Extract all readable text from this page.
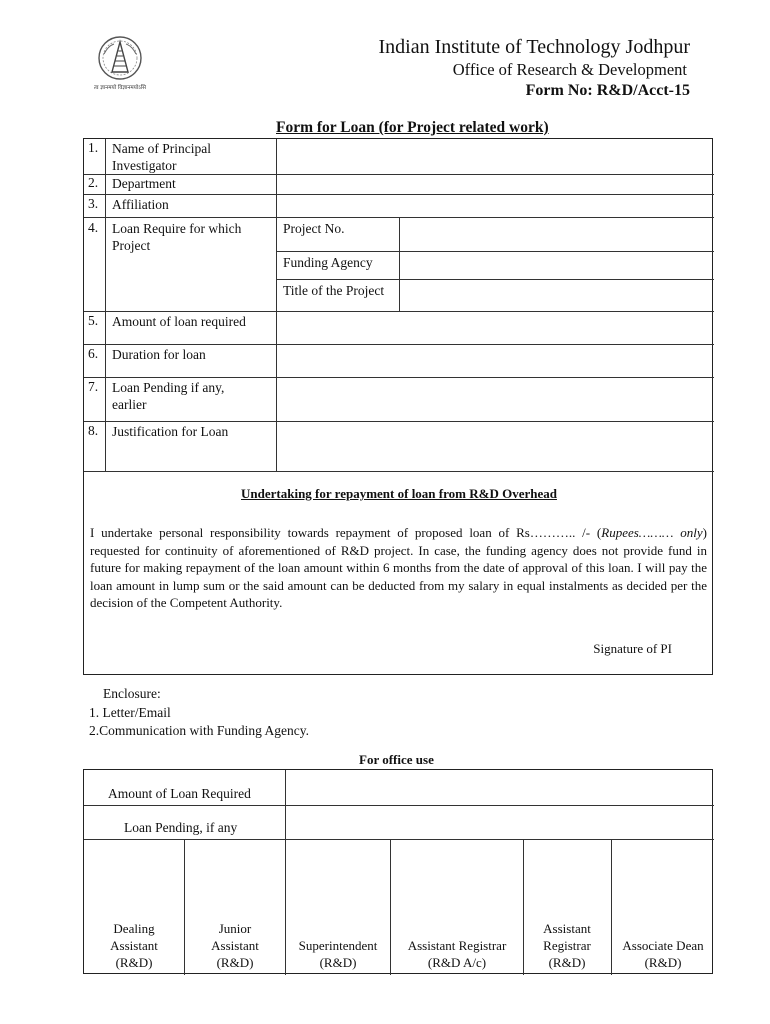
त्व ज्ञानमयो विज्ञानमयोऽसि
Indian Institute of Technology Jodhpur
Office of Research & Development
Form No: R&D/Acct-15
Form for Loan (for Project related work)
1. Name of Principal Investigator
2. Department
3. Affiliation
4. Loan Require for which Project
5. Amount of loan required
6. Duration for loan
7. Loan Pending if any, earlier
8. Justification for Loan
Project No.
Funding Agency
Title of the Project
Undertaking for repayment of loan from R&D Overhead
I undertake personal responsibility towards repayment of proposed loan of Rs……….. /- (Rupees……… only) requested for continuity of aforementioned of R&D project. In case, the funding agency does not provide fund in future for making repayment of the loan amount within 6 months from the date of approval of this loan. I will pay the loan amount in lump sum or the said amount can be deducted from my salary in equal instalments as decided per the decision of the Competent Authority.
Signature of PI
Enclosure:
1. Letter/Email
2.Communication with Funding Agency.
For office use
Amount of Loan Required
Loan Pending, if any
Dealing Assistant (R&D)
Junior Assistant (R&D)
Superintendent (R&D)
Assistant Registrar (R&D A/c)
Assistant Registrar (R&D)
Associate Dean (R&D)
